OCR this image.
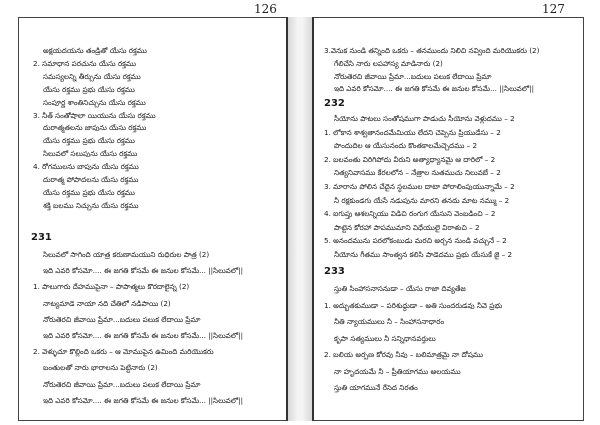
126	127
అక్షయదయను తండ్రితో యేసు రక్తము
2. సమాధాన పరచును యేసు రక్తము
సమస్యలన్ని తీర్చును యేసు రక్తము
యేసు రక్తము ప్రభు యేసు రక్తము
సంపూర్ణ శాంతినిచ్చును యేసు రక్తము
3. నీత్ సంతోషాలా యియును యేసు రక్తము
దురాత్మతలను జాపును యేసు రక్తము
యేసు రక్తము ప్రభు యేసు రక్తము
సిలువలో సలుపును యేసు రక్తము
4. రోగములను బాపును యేసు రక్తము
దురాత్మ పోపాదలను యేసు రక్తము
యేసు రక్తము ప్రభు యేసు రక్తము
శక్తి బలము నిచ్చును యేసు రక్తము
231
సిలువలో సాగింది యాత్ర కరుణామయుని రుధిరుల పాత్ర (2)
ఇది ఎవరి కోసమో.... ఈ జగతి కోసమే ఈ జనుల కోసమే... ||సిలువలో||
1. పాలుగారు దేహముపైనా – పాపాత్మలు కొరదాలైన్న (2)
నాట్యమాడె నాయా నది చేతిలో నడిపాయి (2)
నోరుతెరచి జీవాయి ప్రేమా...బదులు పలుక లేదాయి ప్రేమా
ఇది ఎవరి కోసమో.... ఈ జగతి కోసమే ఈ జనుల కోసమే... ||సిలువలో||
2. వెళ్ళుచూ కొల్లింది ఒకరు – ఆ మోముపైన ఉమింది మరియొకరు
బంతులతో నారు భారాలను పెట్టినారు (2)
నోరుతెరచి జీవాయి ప్రేమా...బదులు పలుక లేదాయి ప్రేమా
ఇది ఎవరి కోసమో.... ఈ జగతి కోసమే ఈ జనుల కోసమే... ||సిలువలో||
3.వెనుక నుండి తన్నింది ఒకరు – తనముందు నిలిచి నవ్వింది మరియొకరు (2)
గేలిచేసి నారు లపహాస్య మాడినారు (2)
నోరుతెరచి జీవాయి ప్రేమా...బదులు పలుక లేదాయి ప్రేమా
ఇది ఎవరి కోసమో.... ఈ జగతి కోసమే ఈ జనుల కోసమే... ||సిలువలో||
232
సీయోను పాటలు సంతోషముగా పాడుచు సీయోను వెళ్లుదము – 2
1. లోకాన శాశ్వతానందమేమియు లేదని చెప్పెను ప్రియుడేసు – 2
పొందుదిల ఆ యేసునందు కొంతకాలమేచ్చెదము – 2
2. బలవంతు విరిగిపోదు వీరుని అత్యాధ్యానమై ఆ దారిలో – 2
నిత్యనివాసము కేరలలోన – నేత్రాల నుతముచు నిలువబే – 2
3. మారాను పోలిన చేదైన స్థలముల దాటా పోరాలింపుయున్నామే – 2
నీ రక్షకుండగు యేసే నడుపును మారని తనదు మాట నమ్ము – 2
4. ఐగుప్తు ఆశలన్నియు విడిచి రంగుగ యేసుని వెంబడించి – 2
పాట్టెన కోరహా పాపముమాని విధేయులై విరాళుచి – 2
5. అనందమును పరలోకంబుడు మరచి అర్చన నుండి వచ్చునే – 2
నీయోను గీతము సాంత్వన కలిసి పాడెదము ప్రభు యేసుకే జై – 2
233
స్తుతి సింహాసనాసనుడా – యేసు రాజా దివ్యతేజ
1. అద్భుతకుముడా – పరిశుధ్ధుడా – అతి సుందరుడవు నీవె ప్రభు
నీతి న్యాయములు నీ – సింహాసనాధారం
కృపా సత్యములు నీ సన్నిధానవర్తులు
2. బలియ అర్పణ కోరవు నీవు – బలిమాత్రమై నా దోషము
నా హృదయమే నీ – ప్రీతియాగము అలయము
స్తుతి యాగమునే రేసెద నిరతం
